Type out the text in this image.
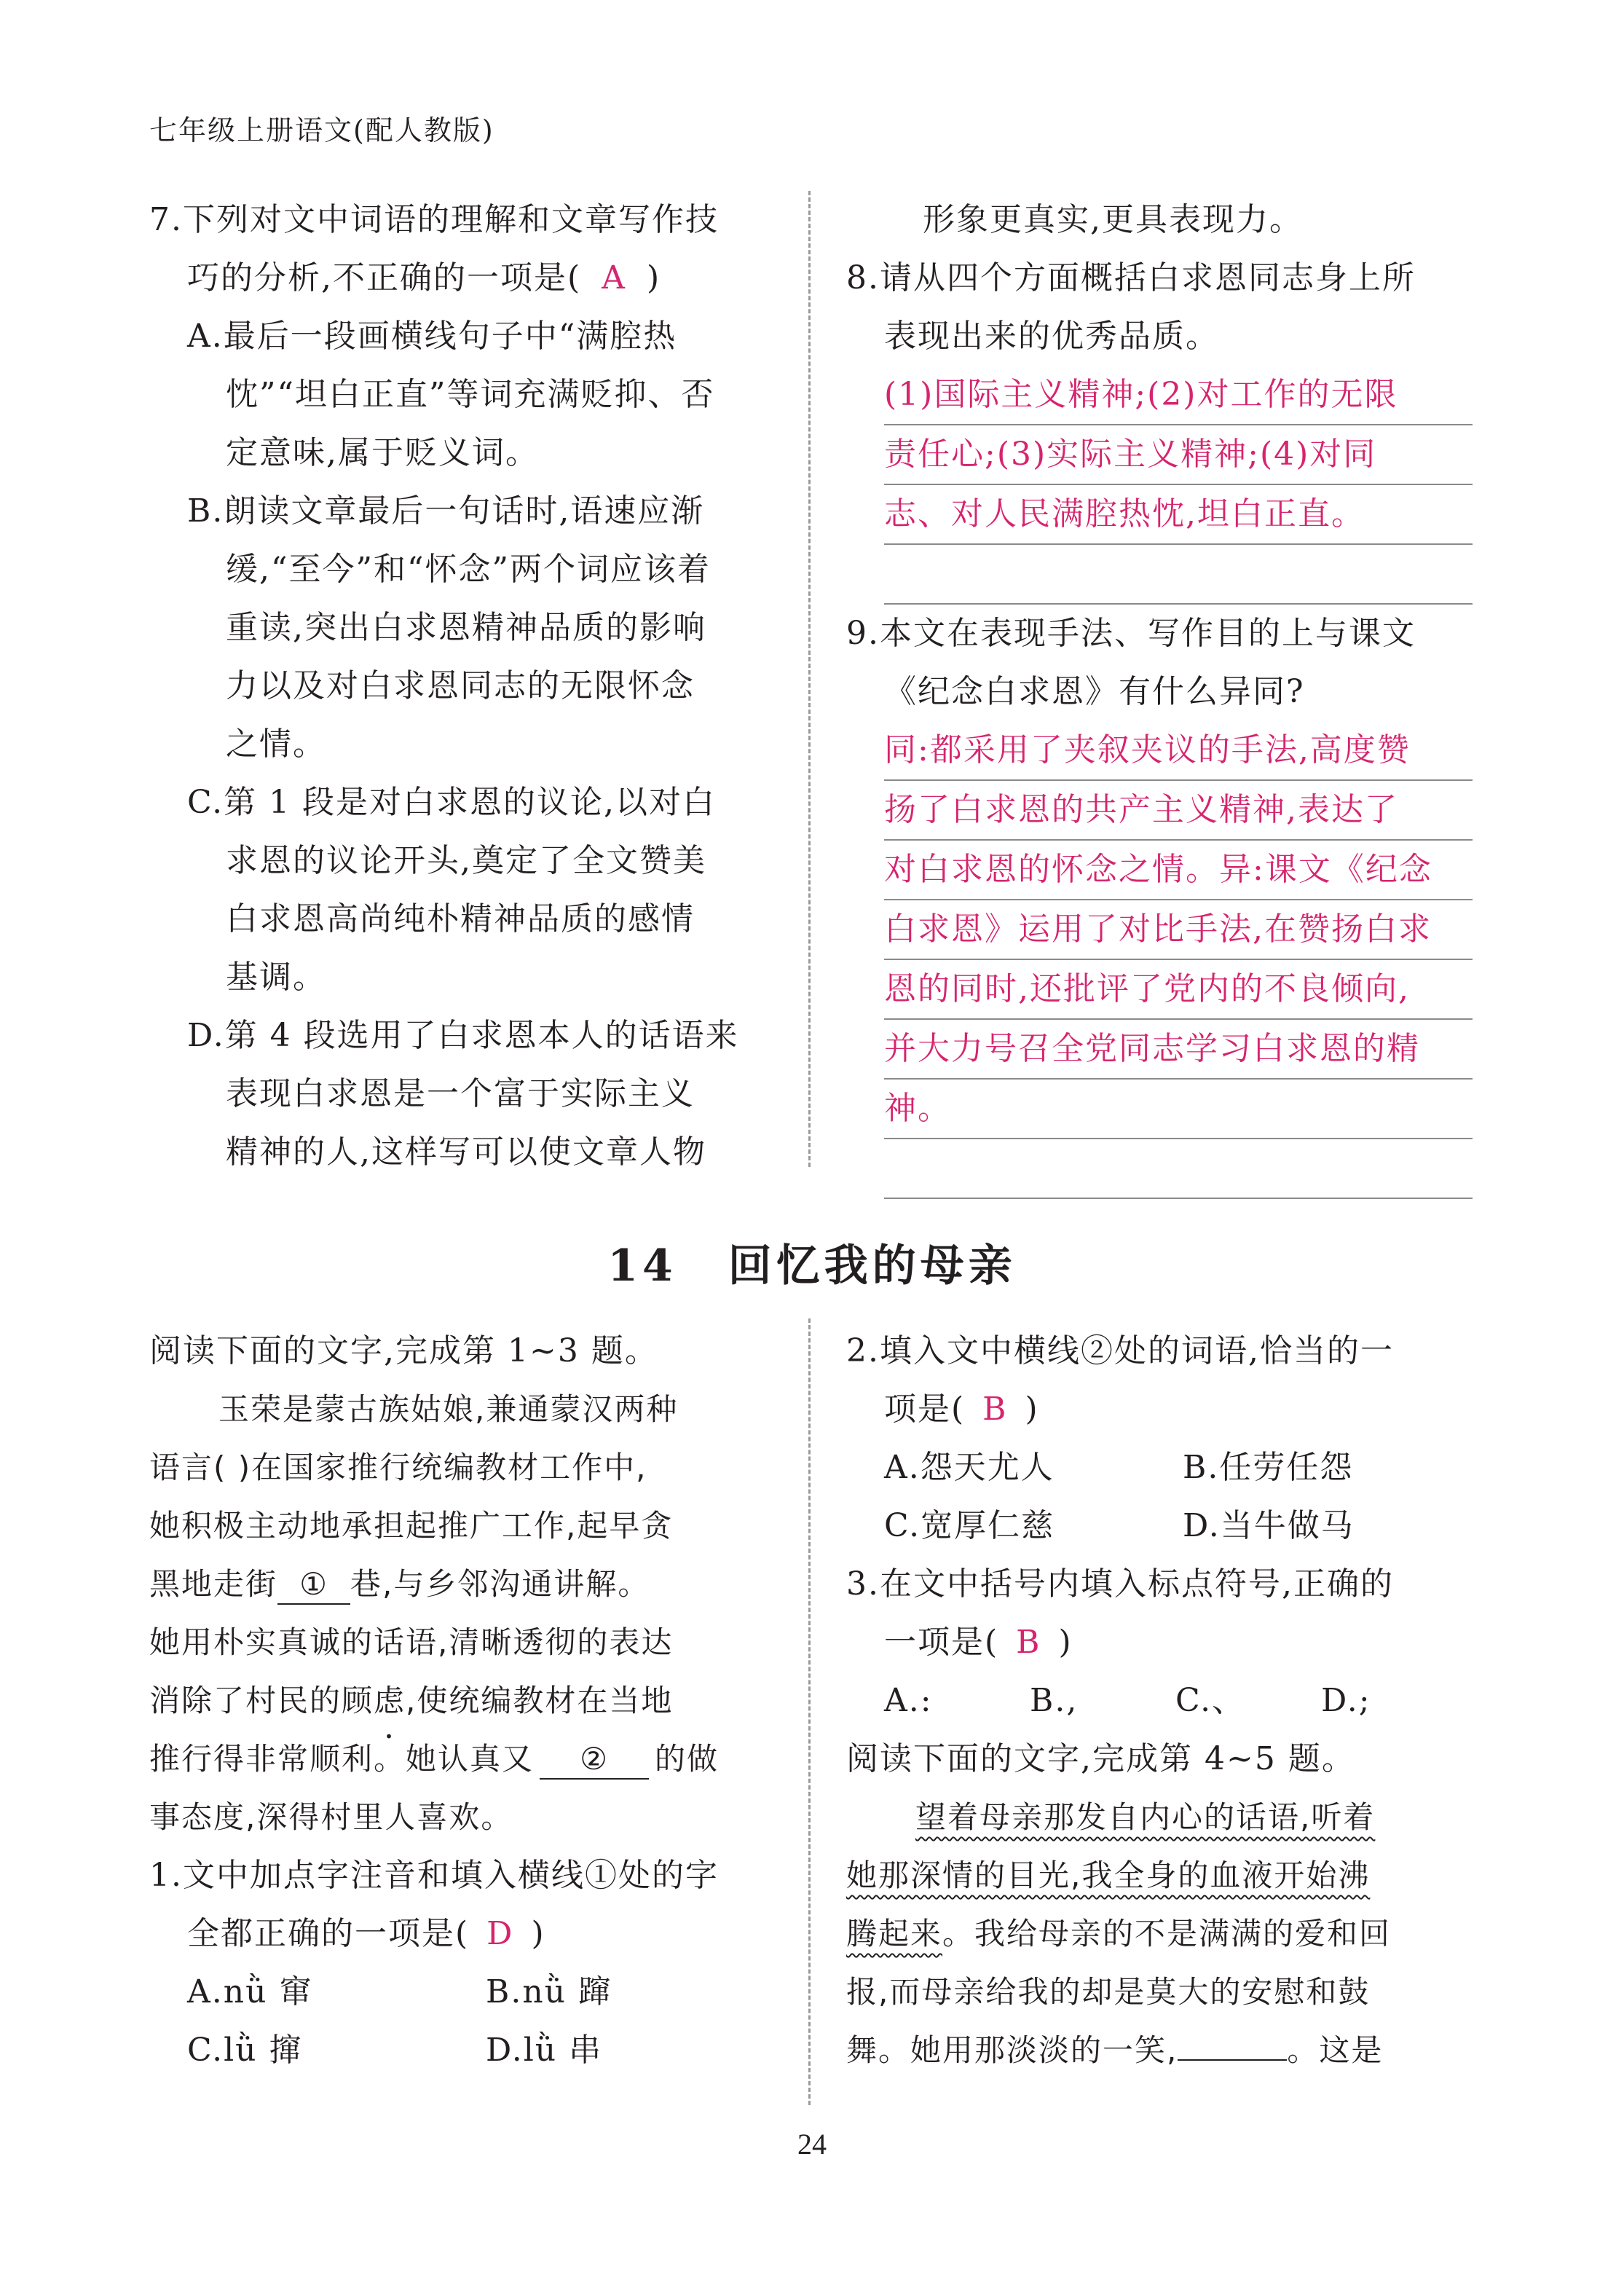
七年级上册语文(配人教版)

7.下列对文中词语的理解和文章写作技

巧的分析,不正确的一项是( A )

A.最后一段画横线句子中“满腔热

忱”“坦白正直”等词充满贬抑、否

定意味,属于贬义词。

B.朗读文章最后一句话时,语速应渐

缓,“至今”和“怀念”两个词应该着

重读,突出白求恩精神品质的影响

力以及对白求恩同志的无限怀念

之情。

C.第 1 段是对白求恩的议论,以对白

求恩的议论开头,奠定了全文赞美

白求恩高尚纯朴精神品质的感情

基调。

D.第 4 段选用了白求恩本人的话语来

表现白求恩是一个富于实际主义

精神的人,这样写可以使文章人物

形象更真实,更具表现力。

8.请从四个方面概括白求恩同志身上所

表现出来的优秀品质。

(1)国际主义精神;(2)对工作的无限
责任心;(3)实际主义精神;(4)对同
志、对人民满腔热忱,坦白正直。

9.本文在表现手法、写作目的上与课文

《纪念白求恩》有什么异同?

同:都采用了夹叙夹议的手法,高度赞
扬了白求恩的共产主义精神,表达了
对白求恩的怀念之情。异:课文《纪念
白求恩》运用了对比手法,在赞扬白求
恩的同时,还批评了党内的不良倾向,
并大力号召全党同志学习白求恩的精
神。
14 回忆我的母亲

阅读下面的文字,完成第 1~3 题。

玉荣是蒙古族姑娘,兼通蒙汉两种

语言( )在国家推行统编教材工作中,

她积极主动地承担起推广工作,起早贪

黑地走街 ① 巷,与乡邻沟通讲解。

她用朴实真诚的话语,清晰透彻的表达

消除了村民的顾虑,使统编教材在当地

推行得非常顺利。她认真又 ② 的做

事态度,深得村里人喜欢。

1.文中加点字注音和填入横线①处的字

全都正确的一项是( D )

A.nǜ 窜	B.nǜ 蹿
C.lǜ 撺	D.lǜ 串

2.填入文中横线②处的词语,恰当的一

项是( B )

A.怨天尤人	B.任劳任怨
C.宽厚仁慈	D.当牛做马

3.在文中括号内填入标点符号,正确的

一项是( B )

A.:	B.,	C.、	D.;

阅读下面的文字,完成第 4~5 题。

望着母亲那发自内心的话语,听着

她那深情的目光,我全身的血液开始沸

腾起来。我给母亲的不是满满的爱和回

报,而母亲给我的却是莫大的安慰和鼓

舞。她用那淡淡的一笑,	。这是

24
